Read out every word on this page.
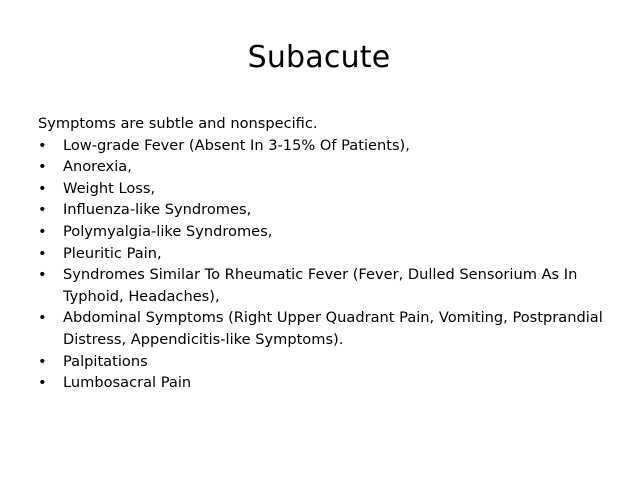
Subacute

Symptoms are subtle and nonspecific.

•	Low-grade Fever (Absent In 3-15% Of Patients),
•	Anorexia,
•	Weight Loss,
•	Influenza-like Syndromes,
•	Polymyalgia-like Syndromes,
•	Pleuritic Pain,
•	Syndromes Similar To Rheumatic Fever (Fever, Dulled Sensorium As In Typhoid, Headaches),
•	Abdominal Symptoms (Right Upper Quadrant Pain, Vomiting, Postprandial Distress, Appendicitis-like Symptoms).
•	Palpitations
•	Lumbosacral Pain
